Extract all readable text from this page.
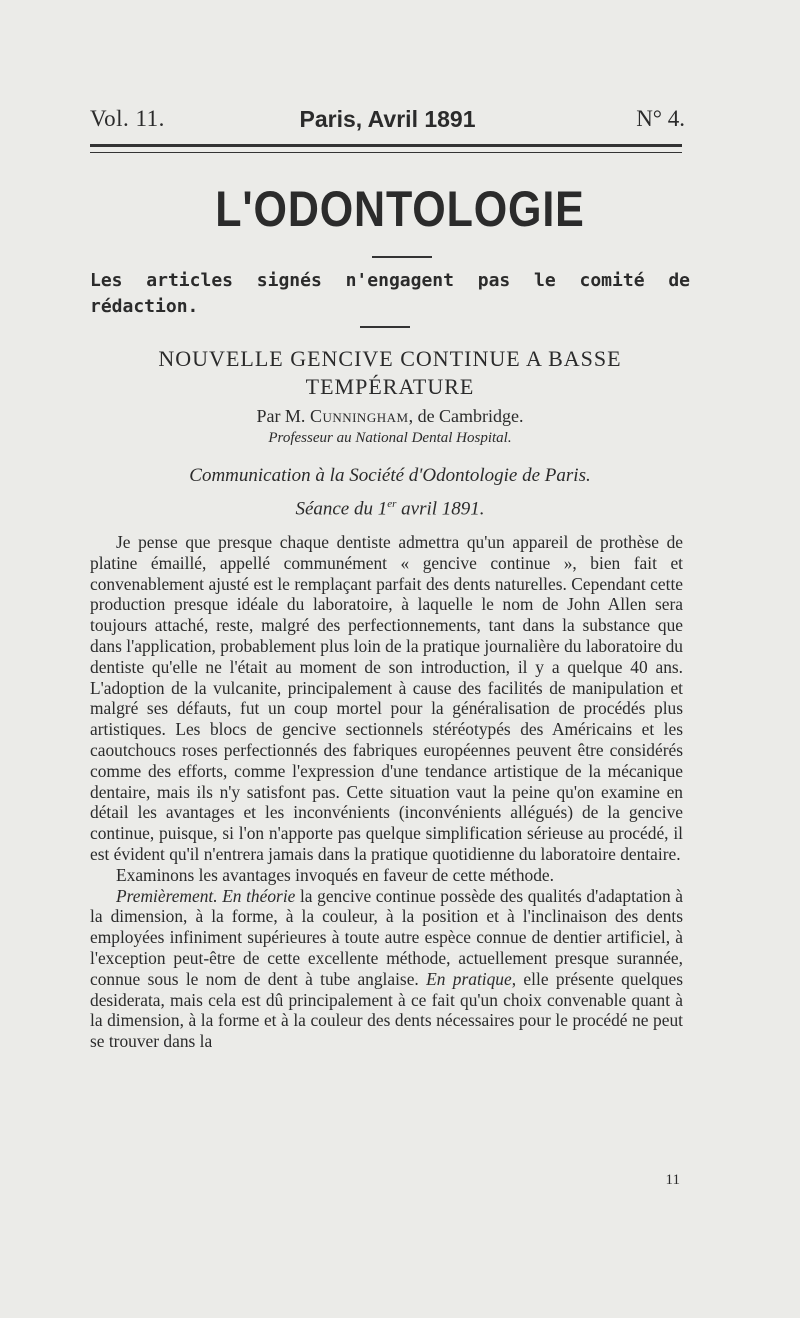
Vol. 11.	Paris, Avril 1891	N° 4.
L'ODONTOLOGIE
Les articles signés n'engagent pas le comité de rédaction.
NOUVELLE GENCIVE CONTINUE A BASSE TEMPÉRATURE
Par M. Cunningham, de Cambridge.
Professeur au National Dental Hospital.
Communication à la Société d'Odontologie de Paris.
Séance du 1er avril 1891.

Je pense que presque chaque dentiste admettra qu'un appareil de prothèse de platine émaillé, appellé communément « gencive continue », bien fait et convenablement ajusté est le remplaçant parfait des dents naturelles. Cependant cette production presque idéale du laboratoire, à laquelle le nom de John Allen sera toujours attaché, reste, malgré des perfectionnements, tant dans la substance que dans l'application, probablement plus loin de la pratique journalière du laboratoire du dentiste qu'elle ne l'était au moment de son introduction, il y a quelque 40 ans. L'adoption de la vulcanite, principalement à cause des facilités de manipulation et malgré ses défauts, fut un coup mortel pour la généralisation de procédés plus artistiques. Les blocs de gencive sectionnels stéréotypés des Américains et les caoutchoucs roses perfectionnés des fabriques européennes peuvent être considérés comme des efforts, comme l'expression d'une tendance artistique de la mécanique dentaire, mais ils n'y satisfont pas. Cette situation vaut la peine qu'on examine en détail les avantages et les inconvénients (inconvénients allégués) de la gencive continue, puisque, si l'on n'apporte pas quelque simplification sérieuse au procédé, il est évident qu'il n'entrera jamais dans la pratique quotidienne du laboratoire dentaire.

Examinons les avantages invoqués en faveur de cette méthode.

Premièrement. En théorie la gencive continue possède des qualités d'adaptation à la dimension, à la forme, à la couleur, à la position et à l'inclinaison des dents employées infiniment supérieures à toute autre espèce connue de dentier artificiel, à l'exception peut-être de cette excellente méthode, actuellement presque surannée, connue sous le nom de dent à tube anglaise. En pratique, elle présente quelques desiderata, mais cela est dû principalement à ce fait qu'un choix convenable quant à la dimension, à la forme et à la couleur des dents nécessaires pour le procédé ne peut se trouver dans la

11
